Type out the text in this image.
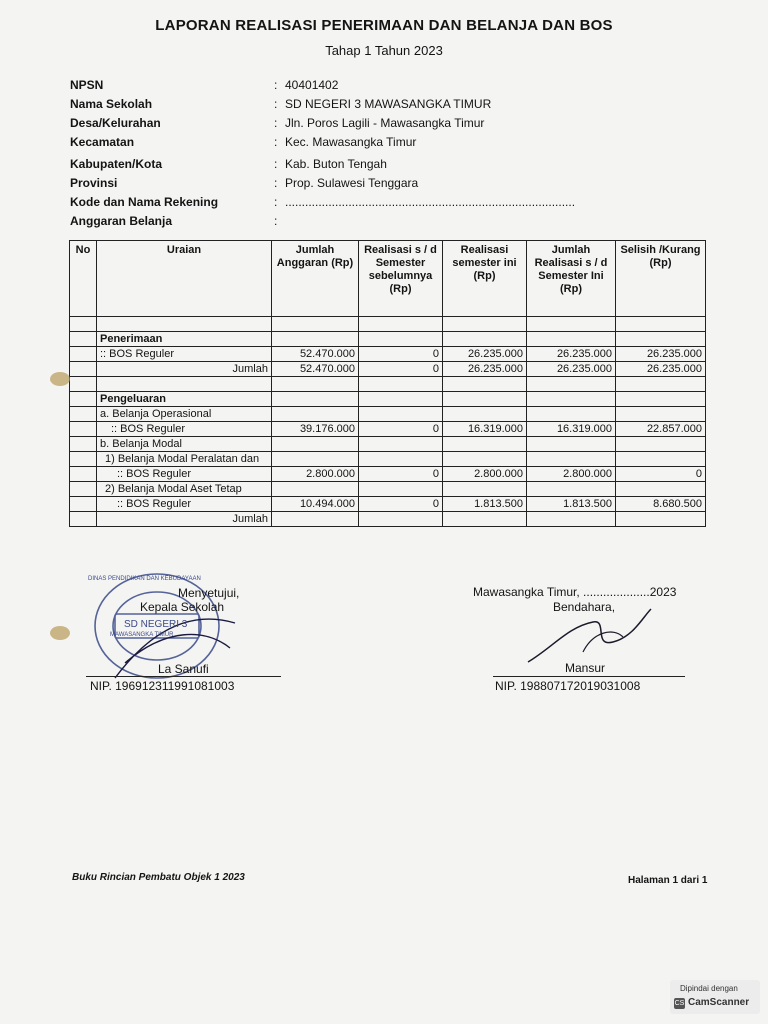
LAPORAN REALISASI PENERIMAAN DAN BELANJA DAN BOS
Tahap 1 Tahun 2023
NPSN	: 40401402
Nama Sekolah	: SD NEGERI 3 MAWASANGKA TIMUR
Desa/Kelurahan	: Jln. Poros Lagili - Mawasangka Timur
Kecamatan	: Kec. Mawasangka Timur
Kabupaten/Kota	: Kab. Buton Tengah
Provinsi	: Prop. Sulawesi Tenggara
Kode dan Nama Rekening	: .......................................................................................
Anggaran Belanja	:
No	Uraian	Jumlah Anggaran (Rp)	Realisasi s / d Semester sebelumnya (Rp)	Realisasi semester ini (Rp)	Jumlah Realisasi s / d Semester Ini (Rp)	Selisih /Kurang (Rp)

	Penerimaan					
	:: BOS Reguler	52.470.000	0	26.235.000	26.235.000	26.235.000
	Jumlah	52.470.000	0	26.235.000	26.235.000	26.235.000

	Pengeluaran					
	a. Belanja Operasional					
	:: BOS Reguler	39.176.000	0	16.319.000	16.319.000	22.857.000
	b. Belanja Modal					
	1) Belanja Modal Peralatan dan					
	:: BOS Reguler	2.800.000	0	2.800.000	2.800.000	0
	2) Belanja Modal Aset Tetap					
	:: BOS Reguler	10.494.000	0	1.813.500	1.813.500	8.680.500
	Jumlah					
Menyetujui,
Kepala Sekolah
SD NEGERI 3
MAWASANGKA TIMUR
DINAS PENDIDIKAN DAN KEBUDAYAAN
La Sanufi
NIP. 196912311991081003
Mawasangka Timur, ....................2023
Bendahara,
Mansur
NIP. 198807172019031008
Buku Rincian Pembatu Objek 1 2023	Halaman 1 dari 1
Dipindai dengan
CS CamScanner
